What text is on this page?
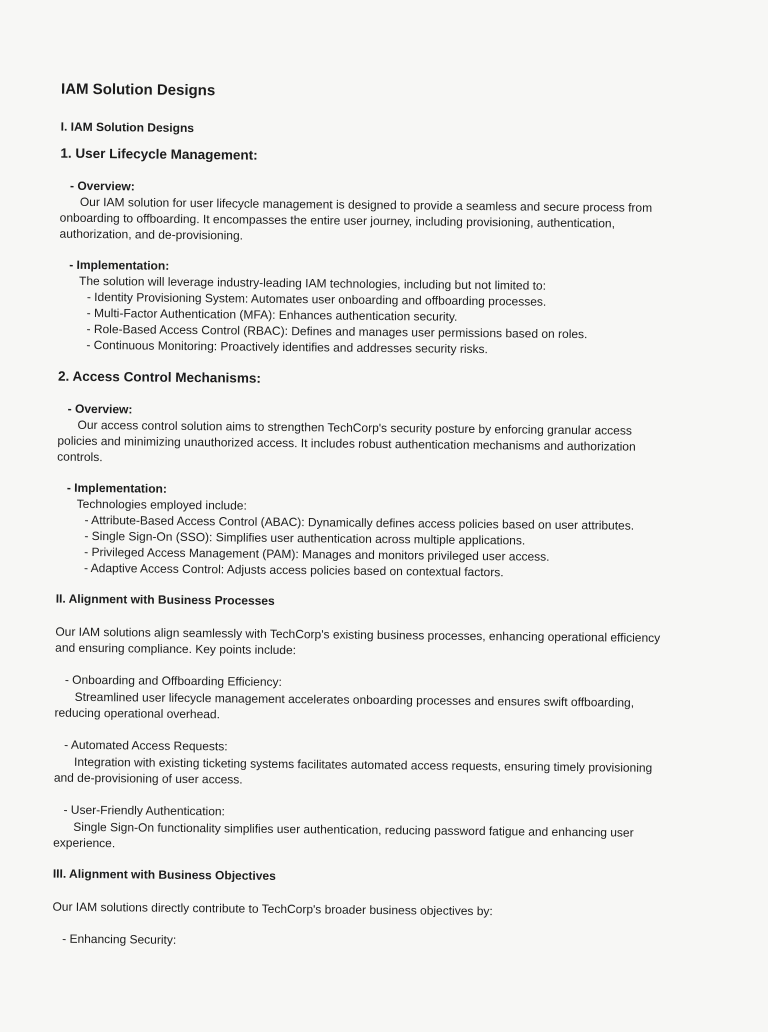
IAM Solution Designs
I. IAM Solution Designs
1. User Lifecycle Management:
- Overview:

Our IAM solution for user lifecycle management is designed to provide a seamless and secure process from onboarding to offboarding. It encompasses the entire user journey, including provisioning, authentication, authorization, and de-provisioning.

- Implementation:

The solution will leverage industry-leading IAM technologies, including but not limited to:

- Identity Provisioning System: Automates user onboarding and offboarding processes.
- Multi-Factor Authentication (MFA): Enhances authentication security.
- Role-Based Access Control (RBAC): Defines and manages user permissions based on roles.
- Continuous Monitoring: Proactively identifies and addresses security risks.
2. Access Control Mechanisms:
- Overview:

Our access control solution aims to strengthen TechCorp's security posture by enforcing granular access policies and minimizing unauthorized access. It includes robust authentication mechanisms and authorization controls.

- Implementation:

Technologies employed include:

- Attribute-Based Access Control (ABAC): Dynamically defines access policies based on user attributes.
- Single Sign-On (SSO): Simplifies user authentication across multiple applications.
- Privileged Access Management (PAM): Manages and monitors privileged user access.
- Adaptive Access Control: Adjusts access policies based on contextual factors.
II. Alignment with Business Processes

Our IAM solutions align seamlessly with TechCorp's existing business processes, enhancing operational efficiency and ensuring compliance. Key points include:

- Onboarding and Offboarding Efficiency:

Streamlined user lifecycle management accelerates onboarding processes and ensures swift offboarding, reducing operational overhead.

- Automated Access Requests:

Integration with existing ticketing systems facilitates automated access requests, ensuring timely provisioning and de-provisioning of user access.

- User-Friendly Authentication:

Single Sign-On functionality simplifies user authentication, reducing password fatigue and enhancing user experience.

III. Alignment with Business Objectives

Our IAM solutions directly contribute to TechCorp's broader business objectives by:

- Enhancing Security:
